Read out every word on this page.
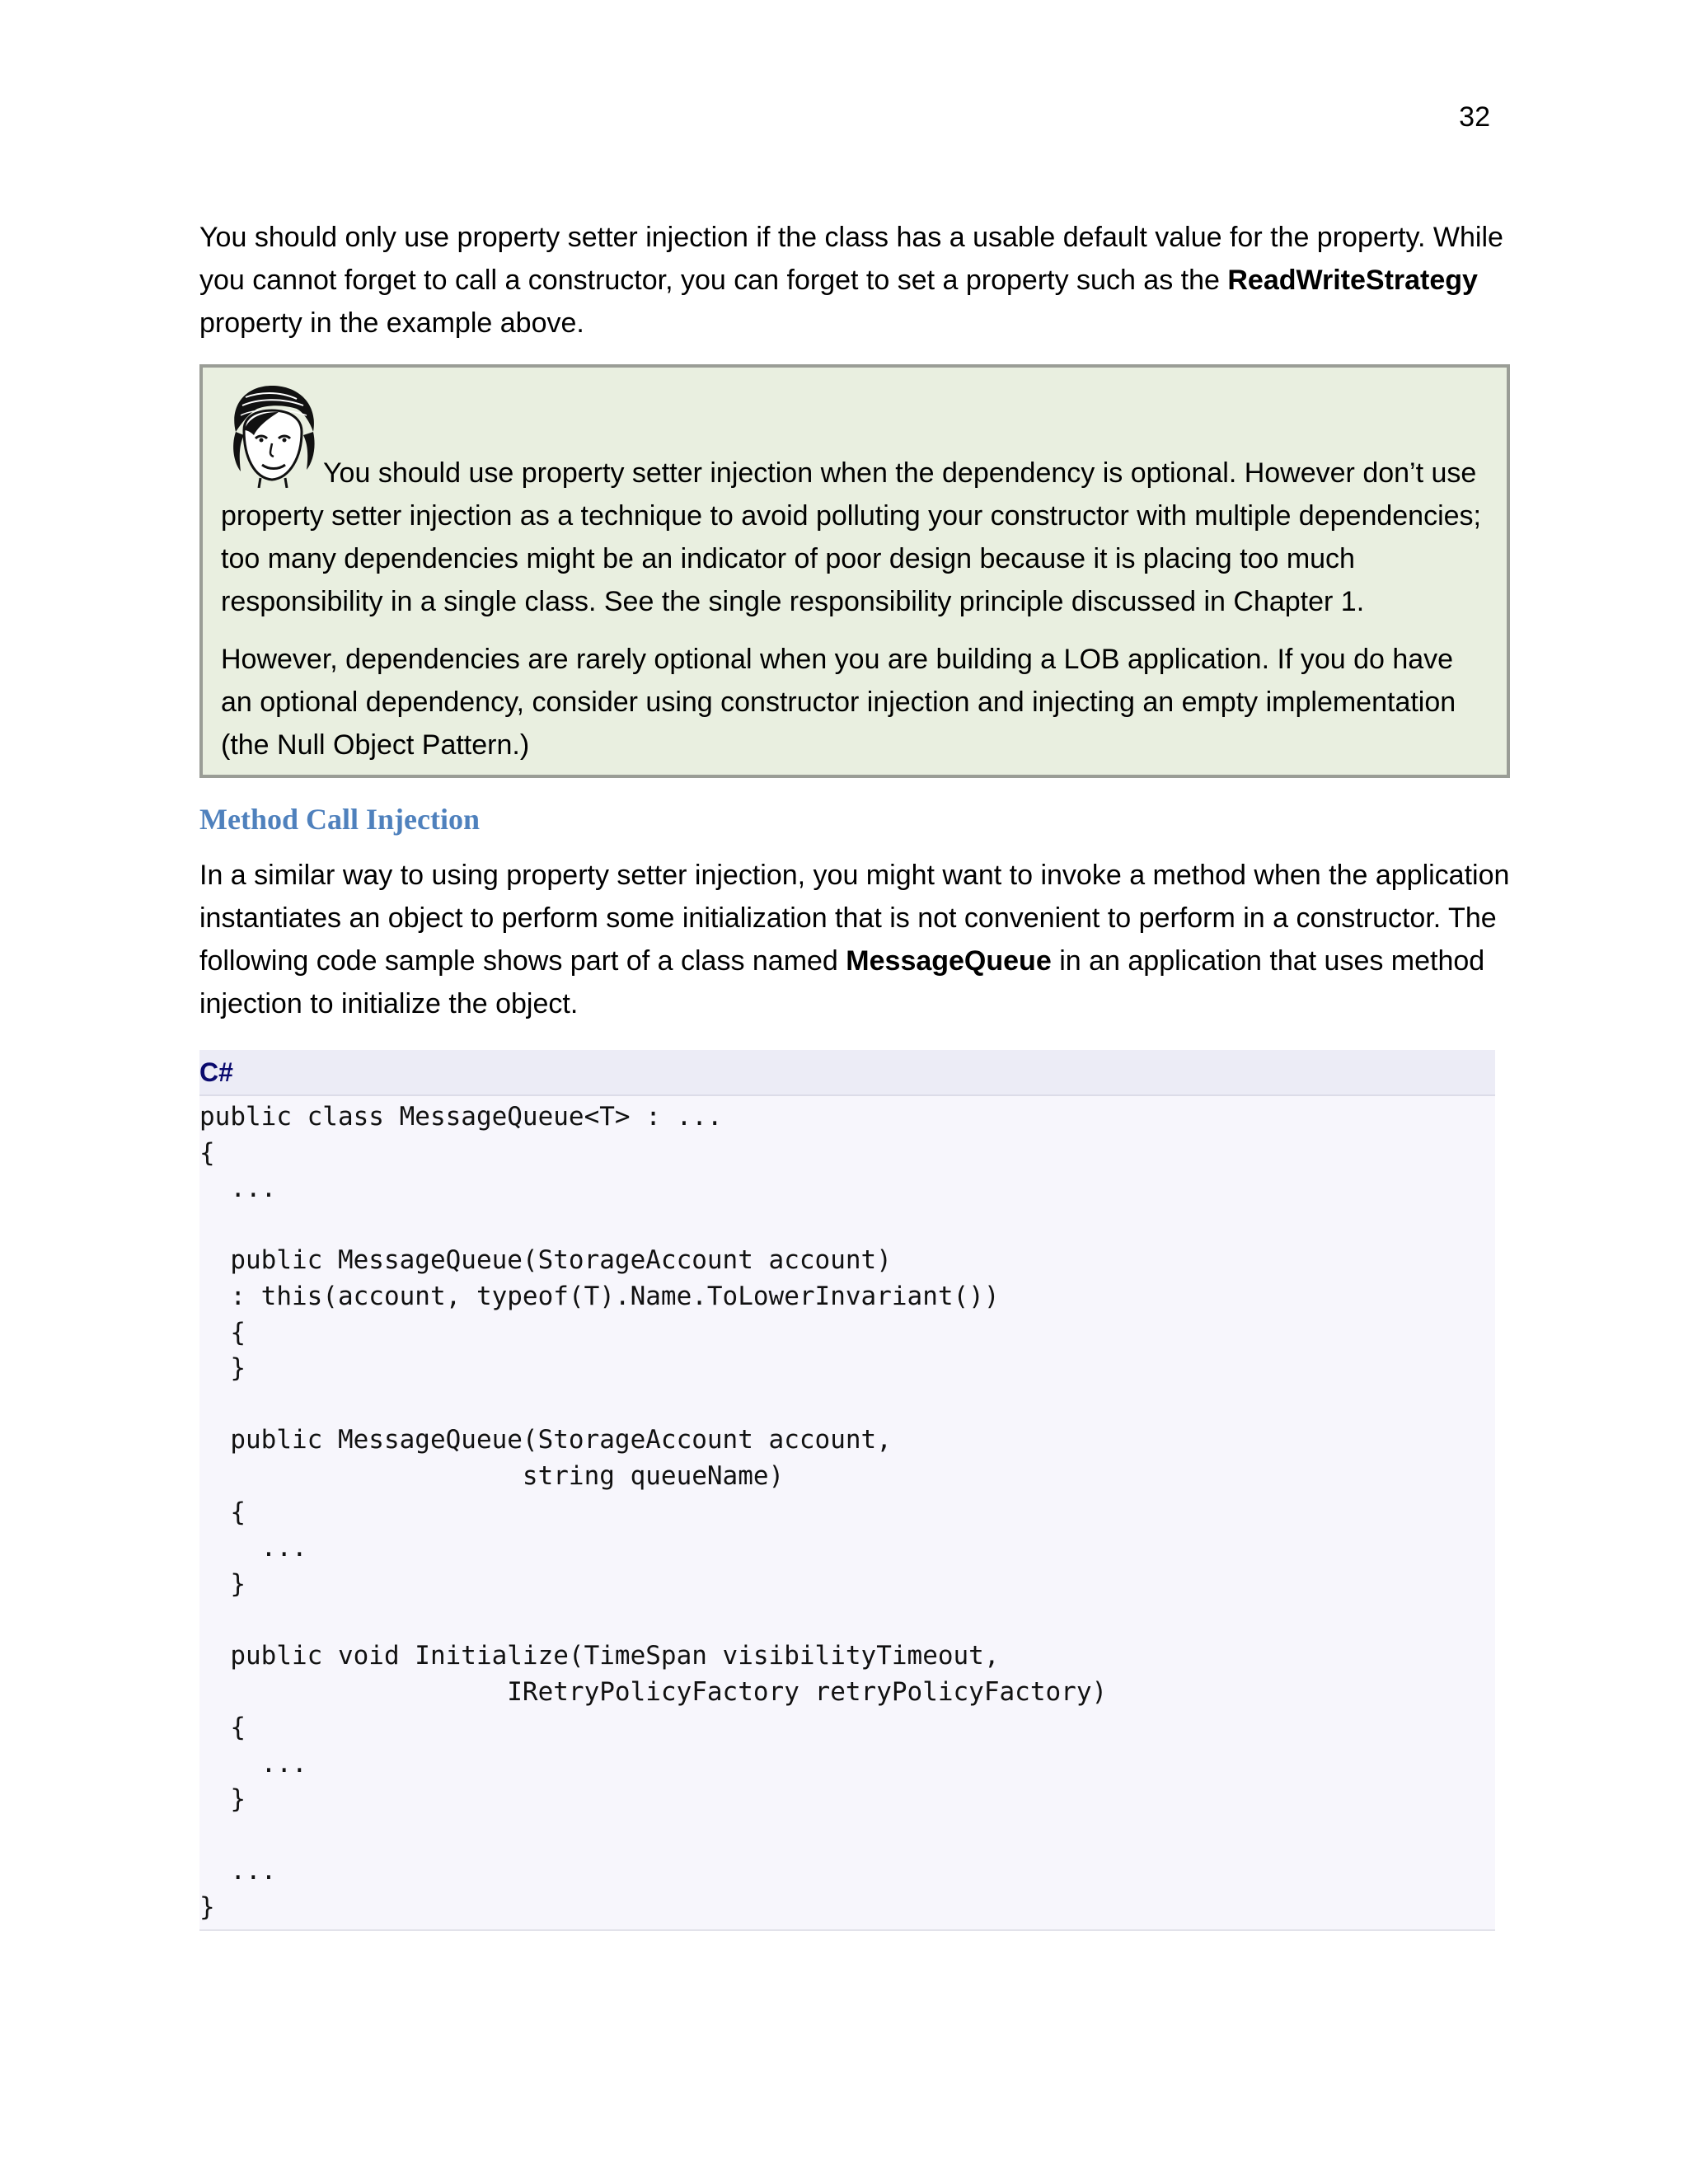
32

You should only use property setter injection if the class has a usable default value for the property. While you cannot forget to call a constructor, you can forget to set a property such as the ReadWriteStrategy property in the example above.

You should use property setter injection when the dependency is optional. However don’t use property setter injection as a technique to avoid polluting your constructor with multiple dependencies; too many dependencies might be an indicator of poor design because it is placing too much responsibility in a single class. See the single responsibility principle discussed in Chapter 1.

However, dependencies are rarely optional when you are building a LOB application. If you do have an optional dependency, consider using constructor injection and injecting an empty implementation (the Null Object Pattern.)

Method Call Injection

In a similar way to using property setter injection, you might want to invoke a method when the application instantiates an object to perform some initialization that is not convenient to perform in a constructor. The following code sample shows part of a class named MessageQueue in an application that uses method injection to initialize the object.

C#
public class MessageQueue<T> : ...
{
...

public MessageQueue(StorageAccount account)
: this(account, typeof(T).Name.ToLowerInvariant())
{
}

public MessageQueue(StorageAccount account,
string queueName)
{
...
}

public void Initialize(TimeSpan visibilityTimeout,
IRetryPolicyFactory retryPolicyFactory)
{
...
}

...
}
